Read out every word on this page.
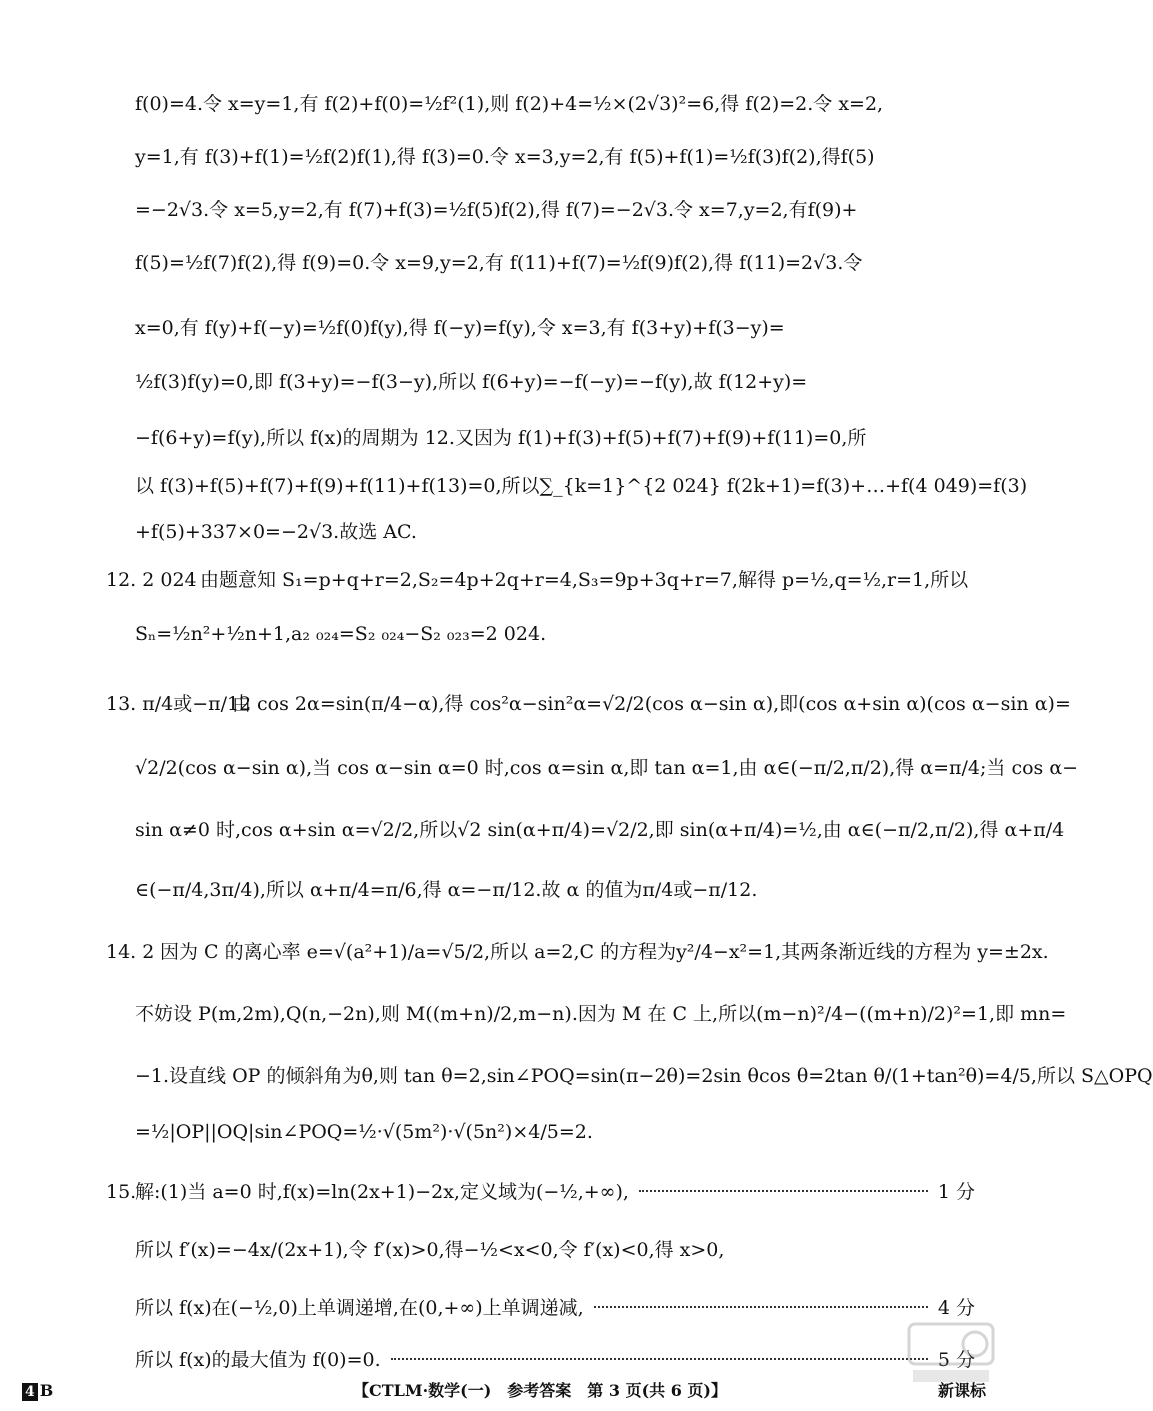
f(0)=4.令 x=y=1,有 f(2)+f(0)=½f²(1),则 f(2)+4=½×(2√3)²=6,得 f(2)=2.令 x=2,
y=1,有 f(3)+f(1)=½f(2)f(1),得 f(3)=0.令 x=3,y=2,有 f(5)+f(1)=½f(3)f(2),得f(5)
=−2√3.令 x=5,y=2,有 f(7)+f(3)=½f(5)f(2),得 f(7)=−2√3.令 x=7,y=2,有f(9)+
f(5)=½f(7)f(2),得 f(9)=0.令 x=9,y=2,有 f(11)+f(7)=½f(9)f(2),得 f(11)=2√3.令
x=0,有 f(y)+f(−y)=½f(0)f(y),得 f(−y)=f(y),令 x=3,有 f(3+y)+f(3−y)=
½f(3)f(y)=0,即 f(3+y)=−f(3−y),所以 f(6+y)=−f(−y)=−f(y),故 f(12+y)=
−f(6+y)=f(y),所以 f(x)的周期为 12.又因为 f(1)+f(3)+f(5)+f(7)+f(9)+f(11)=0,所
以 f(3)+f(5)+f(7)+f(9)+f(11)+f(13)=0,所以∑_{k=1}^{2 024} f(2k+1)=f(3)+…+f(4 049)=f(3)
+f(5)+337×0=−2√3.故选 AC.
12. 2 024 由题意知 S₁=p+q+r=2,S₂=4p+2q+r=4,S₃=9p+3q+r=7,解得 p=½,q=½,r=1,所以
Sₙ=½n²+½n+1,a₂ ₀₂₄=S₂ ₀₂₄−S₂ ₀₂₃=2 024.
13. π/4或−π/12
由 cos 2α=sin(π/4−α),得 cos²α−sin²α=√2/2(cos α−sin α),即(cos α+sin α)(cos α−sin α)=
√2/2(cos α−sin α),当 cos α−sin α=0 时,cos α=sin α,即 tan α=1,由 α∈(−π/2,π/2),得 α=π/4;当 cos α−
sin α≠0 时,cos α+sin α=√2/2,所以√2 sin(α+π/4)=√2/2,即 sin(α+π/4)=½,由 α∈(−π/2,π/2),得 α+π/4
∈(−π/4,3π/4),所以 α+π/4=π/6,得 α=−π/12.故 α 的值为π/4或−π/12.
14. 2 因为 C 的离心率 e=√(a²+1)/a=√5/2,所以 a=2,C 的方程为y²/4−x²=1,其两条渐近线的方程为 y=±2x.
不妨设 P(m,2m),Q(n,−2n),则 M((m+n)/2,m−n).因为 M 在 C 上,所以(m−n)²/4−((m+n)/2)²=1,即 mn=
−1.设直线 OP 的倾斜角为θ,则 tan θ=2,sin∠POQ=sin(π−2θ)=2sin θcos θ=2tan θ/(1+tan²θ)=4/5,所以 S△OPQ
=½|OP||OQ|sin∠POQ=½·√(5m²)·√(5n²)×4/5=2.
15.
解:(1)当 a=0 时,f(x)=ln(2x+1)−2x,定义域为(−½,+∞),	1 分
所以 f′(x)=−4x/(2x+1),令 f′(x)>0,得−½<x<0,令 f′(x)<0,得 x>0,
所以 f(x)在(−½,0)上单调递增,在(0,+∞)上单调递减,	4 分
所以 f(x)的最大值为 f(0)=0.	5 分
4 B	【CTLM·数学(一)　参考答案　第 3 页(共 6 页)】	新课标
